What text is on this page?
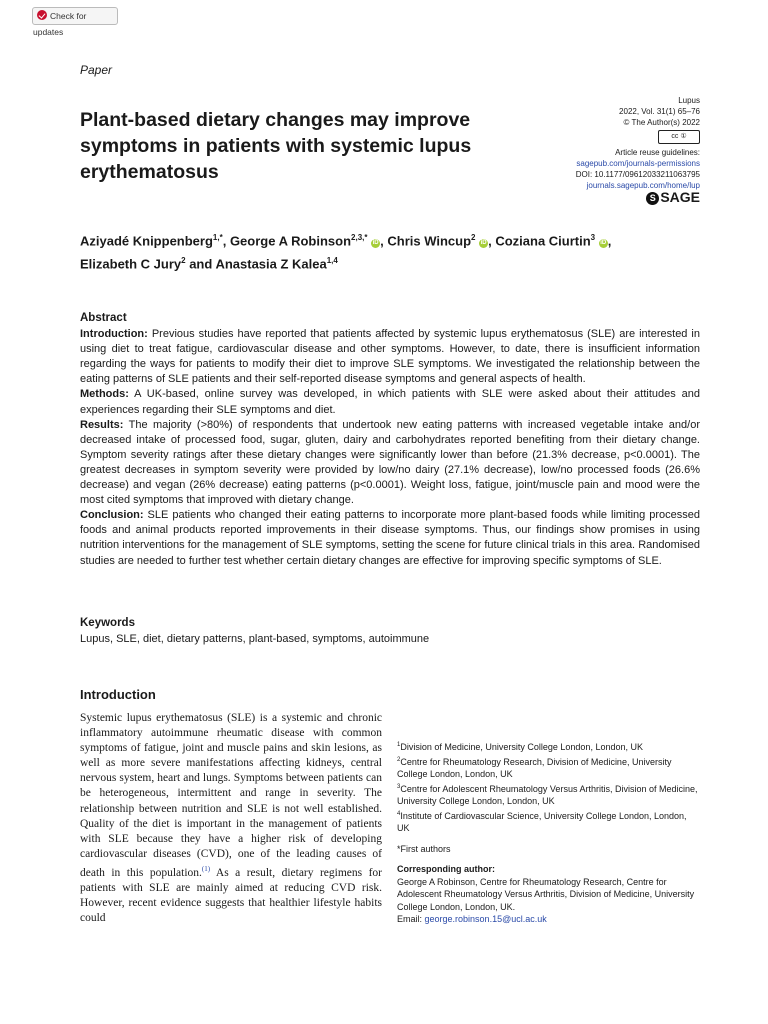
Check for updates
Paper
Plant-based dietary changes may improve symptoms in patients with systemic lupus erythematosus
Lupus
2022, Vol. 31(1) 65–76
© The Author(s) 2022
cc ①
Article reuse guidelines:
sagepub.com/journals-permissions
DOI: 10.1177/09612033211063795
journals.sagepub.com/home/lup
S SAGE
Aziyadé Knippenberg$^{1,*}$, George A Robinson$^{2,3,*}$ iD , Chris Wincup$^2$ iD , Coziana Ciurtin$^3$ iD ,
Elizabeth C Jury$^2$ and Anastasia Z Kalea$^{1,4}$
Abstract

Introduction: Previous studies have reported that patients affected by systemic lupus erythematosus (SLE) are interested in using diet to treat fatigue, cardiovascular disease and other symptoms. However, to date, there is insufficient information regarding the ways for patients to modify their diet to improve SLE symptoms. We investigated the relationship between the eating patterns of SLE patients and their self-reported disease symptoms and general aspects of health.

Methods: A UK-based, online survey was developed, in which patients with SLE were asked about their attitudes and experiences regarding their SLE symptoms and diet.

Results: The majority (>80%) of respondents that undertook new eating patterns with increased vegetable intake and/or decreased intake of processed food, sugar, gluten, dairy and carbohydrates reported benefiting from their dietary change. Symptom severity ratings after these dietary changes were significantly lower than before (21.3% decrease, p<0.0001). The greatest decreases in symptom severity were provided by low/no dairy (27.1% decrease), low/no processed foods (26.6% decrease) and vegan (26% decrease) eating patterns (p<0.0001). Weight loss, fatigue, joint/muscle pain and mood were the most cited symptoms that improved with dietary change.

Conclusion: SLE patients who changed their eating patterns to incorporate more plant-based foods while limiting processed foods and animal products reported improvements in their disease symptoms. Thus, our findings show promises in using nutrition interventions for the management of SLE symptoms, setting the scene for future clinical trials in this area. Randomised studies are needed to further test whether certain dietary changes are effective for improving specific symptoms of SLE.

Keywords
Lupus, SLE, diet, dietary patterns, plant-based, symptoms, autoimmune
Introduction
Systemic lupus erythematosus (SLE) is a systemic and chronic inflammatory autoimmune rheumatic disease with common symptoms of fatigue, joint and muscle pains and skin lesions, as well as more severe manifestations affecting kidneys, central nervous system, heart and lungs. Symptoms between patients can be heterogeneous, intermittent and range in severity. The relationship between nutrition and SLE is not well established. Quality of the diet is important in the management of patients with SLE because they have a higher risk of developing cardiovascular diseases (CVD), one of the leading causes of death in this population.$^{(1)}$ As a result, dietary regimens for patients with SLE are mainly aimed at reducing CVD risk. However, recent evidence suggests that healthier lifestyle habits could

$^1$Division of Medicine, University College London, London, UK

$^2$Centre for Rheumatology Research, Division of Medicine, University College London, London, UK

$^3$Centre for Adolescent Rheumatology Versus Arthritis, Division of Medicine, University College London, London, UK

$^4$Institute of Cardiovascular Science, University College London, London, UK

*First authors

Corresponding author:

George A Robinson, Centre for Rheumatology Research, Centre for Adolescent Rheumatology Versus Arthritis, Division of Medicine, University College London, London, UK.

Email: george.robinson.15@ucl.ac.uk
